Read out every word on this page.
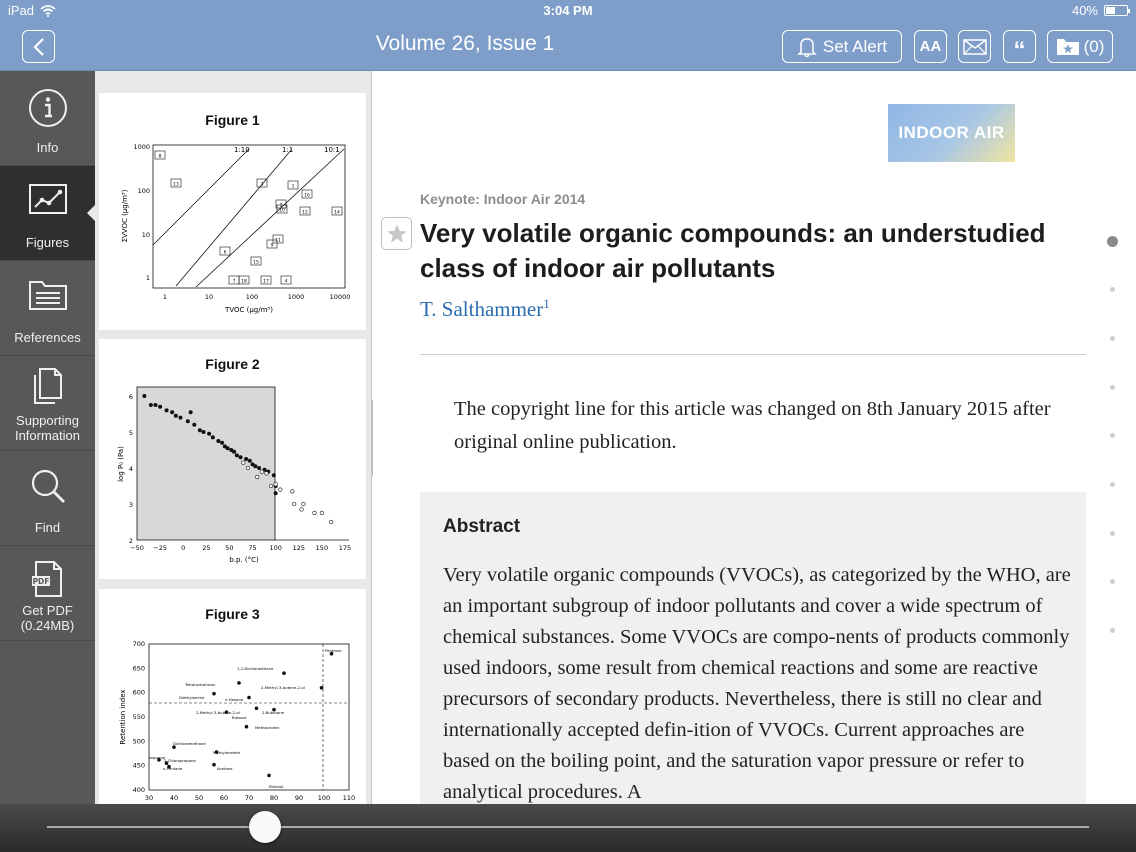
iPad	3:04 PM	40%
Volume 26, Issue 1	Set Alert AA	“	(0)
Info
Figures
References
Supporting Information
Find
PDF
Get PDF (0.24MB)
Figure 1
1:10	1:1	10:1
1000
100
10
1
1	10	100	1000	10000
TVOC (µg/m³)
ΣVVOC (µg/m³)
8
13	3	1
12
2
10	14
6
11
9
16
15
7 18	17	4
Figure 2
6
5
4
3
2
−50 −25 0	25 50 75 100 125 150 175
b.p. (°C)
log P₀ (Pa)
Figure 3
Pentanal
1,2-Dichloroethane
Tetrahydrofuran
2-Methyl-3-butene-2-ol
Diethylamine	n-Hexane
2-Methyl-3-butene-2-ol	2-Butanone
Butanal
Methacrolein
Dichloromethane
Methylacetate
Isoprene
2-Chloropropane
n-Pentane	Acetone
Ethanol
700
650
600
550
500
450
400
30	40	50	60	70	80	90 100 110
Retention index
INDOOR AIR
Keynote: Indoor Air 2014
Very volatile organic compounds: an understudied class of indoor air pollutants
T. Salthammer$^1$
The copyright line for this article was changed on 8th January 2015 after original online publication.
Abstract
Very volatile organic compounds (VVOCs), as categorized by the WHO, are an important subgroup of indoor pollutants and cover a wide spectrum of chemical substances. Some VVOCs are compo-nents of products commonly used indoors, some result from chemical reactions and some are reactive precursors of secondary products. Nevertheless, there is still no clear and internationally accepted defin-ition of VVOCs. Current approaches are based on the boiling point, and the saturation vapor pressure or refer to analytical procedures. A
